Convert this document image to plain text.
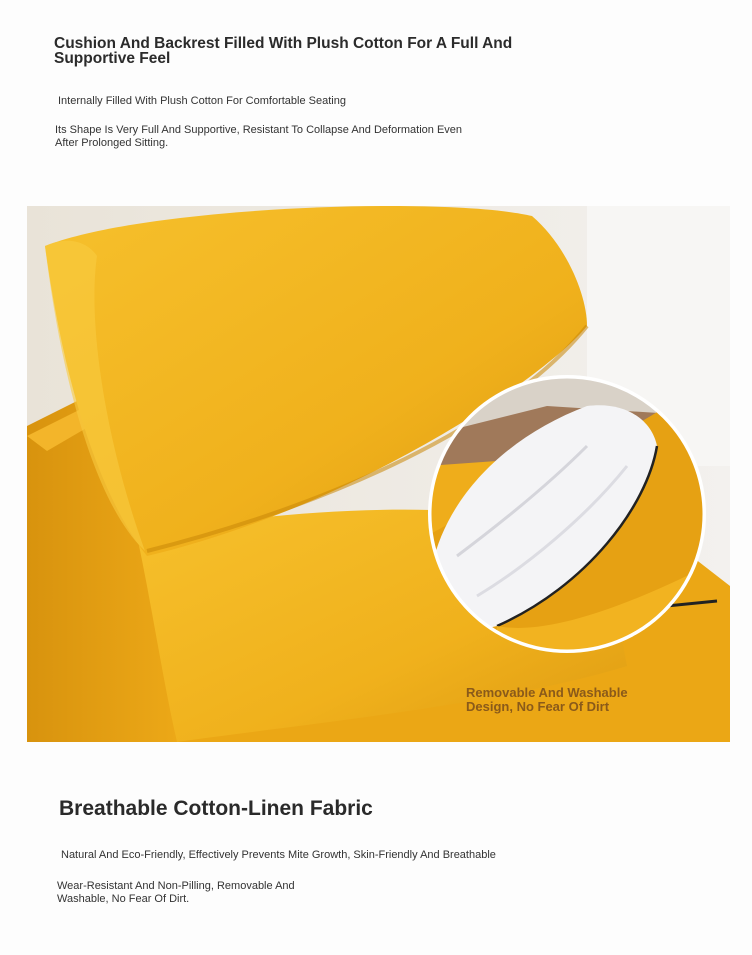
Cushion And Backrest Filled With Plush Cotton For A Full And Supportive Feel
Internally Filled With Plush Cotton For Comfortable Seating
Its Shape Is Very Full And Supportive, Resistant To Collapse And Deformation Even After Prolonged Sitting.
Removable And Washable Design, No Fear Of Dirt
Breathable Cotton-Linen Fabric
Natural And Eco-Friendly, Effectively Prevents Mite Growth, Skin-Friendly And Breathable
Wear-Resistant And Non-Pilling, Removable And Washable, No Fear Of Dirt.
